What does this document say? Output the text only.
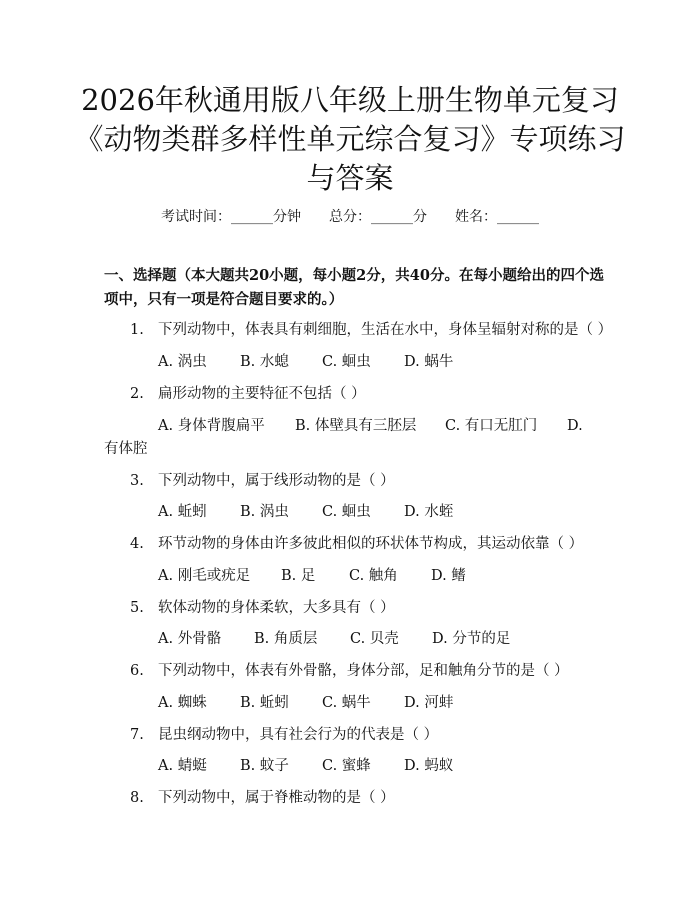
2026年秋通用版八年级上册生物单元复习
《动物类群多样性单元综合复习》专项练习
与答案
考试时间：______分钟 总分：______分 姓名：______
一、选择题（本大题共20小题，每小题2分，共40分。在每小题给出的四个选项中，只有一项是符合题目要求的。）
1. 下列动物中，体表具有刺细胞，生活在水中，身体呈辐射对称的是（ ）
A. 涡虫 B. 水螅 C. 蛔虫 D. 蜗牛
2. 扁形动物的主要特征不包括（ ）
A. 身体背腹扁平 B. 体壁具有三胚层 C. 有口无肛门 D.
有体腔
3. 下列动物中，属于线形动物的是（ ）
A. 蚯蚓 B. 涡虫 C. 蛔虫 D. 水蛭
4. 环节动物的身体由许多彼此相似的环状体节构成，其运动依靠（ ）
A. 刚毛或疣足 B. 足 C. 触角 D. 鳍
5. 软体动物的身体柔软，大多具有（ ）
A. 外骨骼 B. 角质层 C. 贝壳 D. 分节的足
6. 下列动物中，体表有外骨骼，身体分部，足和触角分节的是（ ）
A. 蜘蛛 B. 蚯蚓 C. 蜗牛 D. 河蚌
7. 昆虫纲动物中，具有社会行为的代表是（ ）
A. 蜻蜓 B. 蚊子 C. 蜜蜂 D. 蚂蚁
8. 下列动物中，属于脊椎动物的是（ ）
